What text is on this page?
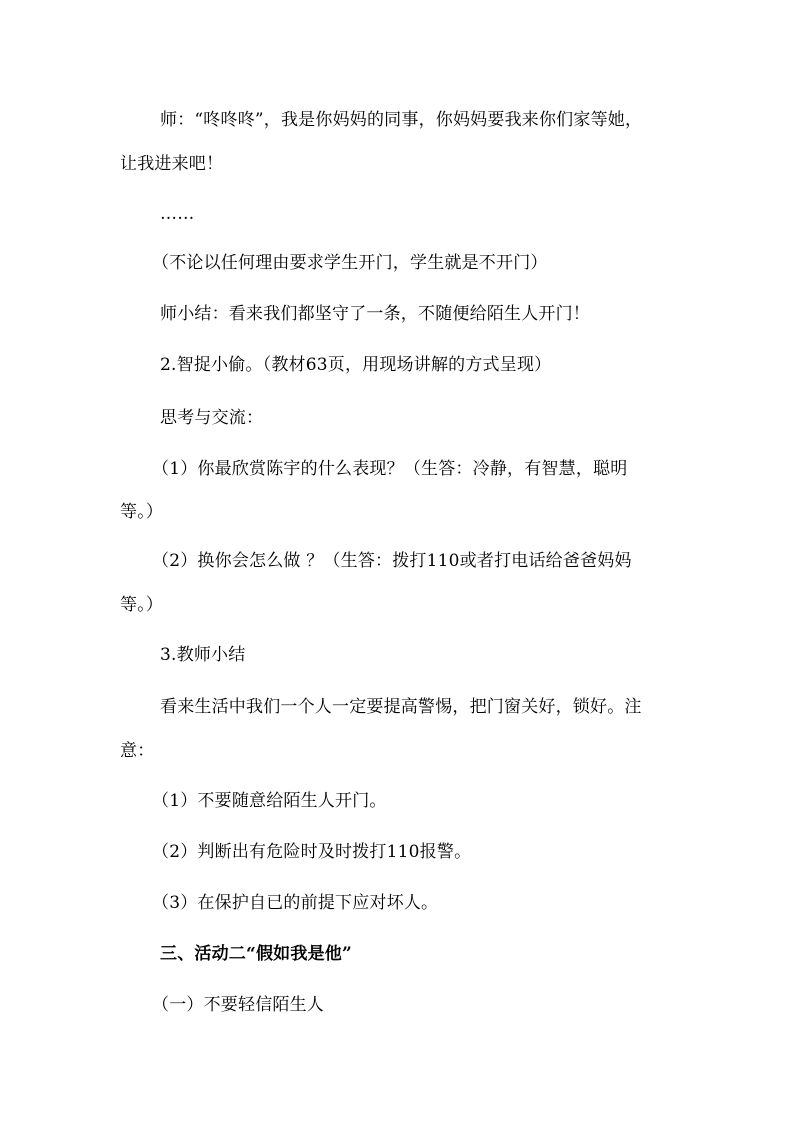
师：“咚咚咚”，我是你妈妈的同事，你妈妈要我来你们家等她，
让我进来吧！
……
（不论以任何理由要求学生开门，学生就是不开门）
师小结：看来我们都坚守了一条，不随便给陌生人开门！
2.智捉小偷。（教材63页，用现场讲解的方式呈现）
思考与交流：
（1）你最欣赏陈宇的什么表现？（生答：冷静，有智慧，聪明
等。）
（2）换你会怎么做 ？（生答：拨打110或者打电话给爸爸妈妈
等。）
3.教师小结
看来生活中我们一个人一定要提高警惕，把门窗关好，锁好。注
意：
（1）不要随意给陌生人开门。
（2）判断出有危险时及时拨打110报警。
（3）在保护自已的前提下应对坏人。
三、活动二“假如我是他”
（一）不要轻信陌生人
